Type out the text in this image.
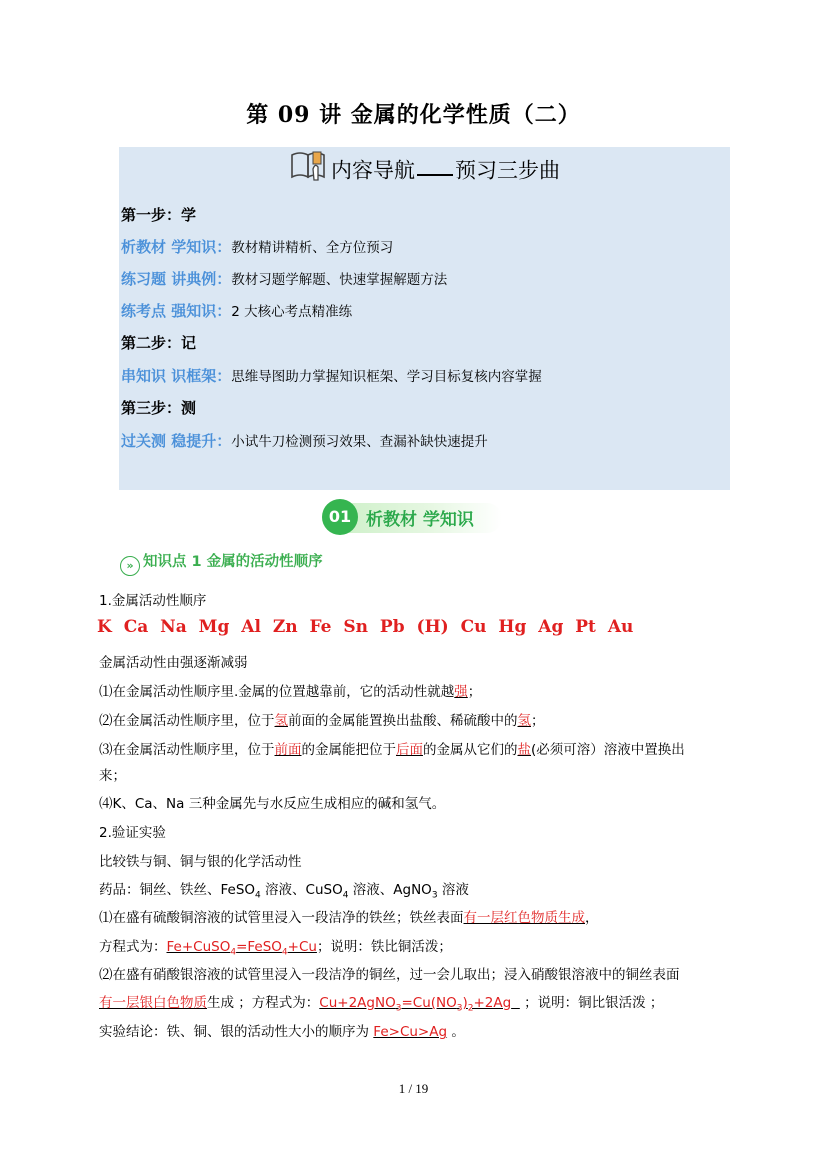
第 09 讲 金属的化学性质（二）
内容导航 预习三步曲
第一步：学
析教材 学知识：教材精讲精析、全方位预习
练习题 讲典例：教材习题学解题、快速掌握解题方法
练考点 强知识：2 大核心考点精准练
第二步：记
串知识 识框架：思维导图助力掌握知识框架、学习目标复核内容掌握
第三步：测
过关测 稳提升：小试牛刀检测预习效果、查漏补缺快速提升
01 析教材 学知识
» 知识点 1 金属的活动性顺序
1.金属活动性顺序
K Ca Na Mg Al Zn Fe Sn Pb (H) Cu Hg Ag Pt Au
金属活动性由强逐渐减弱
⑴在金属活动性顺序里.金属的位置越靠前，它的活动性就越强；
⑵在金属活动性顺序里，位于氢前面的金属能置换出盐酸、稀硫酸中的氢；
⑶在金属活动性顺序里，位于前面的金属能把位于后面的金属从它们的盐(必须可溶）溶液中置换出
来；
⑷K、Ca、Na 三种金属先与水反应生成相应的碱和氢气。
2.验证实验
比较铁与铜、铜与银的化学活动性
药品：铜丝、铁丝、FeSO$_4$ 溶液、CuSO$_4$ 溶液、AgNO$_3$ 溶液
⑴在盛有硫酸铜溶液的试管里浸入一段洁净的铁丝；铁丝表面有一层红色物质生成，
方程式为：Fe+CuSO$_4$=FeSO$_4$+Cu；说明：铁比铜活泼；
⑵在盛有硝酸银溶液的试管里浸入一段洁净的铜丝，过一会儿取出；浸入硝酸银溶液中的铜丝表面
有一层银白色物质生成 ；方程式为：$Cu+2AgNO_3=Cu(NO_3)_2+2Ag$   ；说明：铜比银活泼 ；
实验结论：铁、铜、银的活动性大小的顺序为 Fe>Cu>Ag 。
1 / 19
